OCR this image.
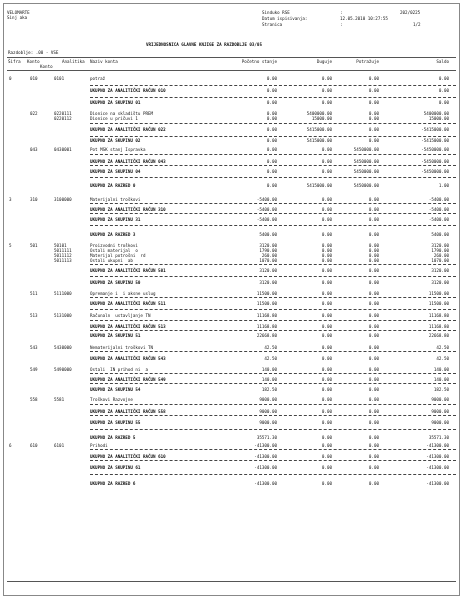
VELOMARTE
Sinj aka
Sinduko RSE	:	202/0225
Datum ispisivanja:	12.05.2010 10:27:55
Stranica	:	1/2
VRIJEDNOSNICA GLAVNE KNJIGE ZA RAZDOBLJE 03/05
Razdoblje: .00 - VSE
Šifra Konto
Konto
Analitika Naziv konta	Početno stanje	Duguje	Potražuje	Saldo
0	010	0101	potraž	0.00	0.00	0.00	0.00
UKUPNO ZA ANALITIČKI RAČUN 010	0.00	0.00	0.00	0.00
UKUPNO ZA SKUPINU 01	0.00	0.00	0.00	0.00
022	0220111	Dionice na skladištu PREM	0.00	5400000.00	0.00	5400000.00
0220112	Dionice u pričuvi 1	0.00	15000.00	0.00	15000.00
UKUPNO ZA ANALITIČKI RAČUN 022	0.00	5415000.00	0.00	-5415000.00
UKUPNO ZA SKUPINU 02	0.00	5415000.00	0.00	-5415000.00
043	0430001	Pot MSK stanj Ispravka	0.00	0.00	5450000.00	-5450000.00
UKUPNO ZA ANALITIČKI RAČUN 043	0.00	0.00	5450000.00	-5450000.00
UKUPNO ZA SKUPINU 04	0.00	0.00	5450000.00	-5450000.00
UKUPNO ZA RAZRED 0	0.00	5415000.00	5450000.00	1.00
3	310	3100000	Materijalni troškovi	-5400.00	0.00	0.00	-5400.00
UKUPNO ZA ANALITIČKI RAČUN 310	-5400.00	0.00	0.00	-5400.00
UKUPNO ZA SKUPINU 31	-5400.00	0.00	0.00	-5400.00
UKUPNO ZA RAZRED 3	5400.00	0.00	0.00	5400.00
5	501	50101	Proizvodni troškovi	3120.00	0.00	0.00	3120.00
5011111	Ostali materijal  o	1790.00	0.00	0.00	1790.00
5011112	Materijal potrošni  rd	260.00	0.00	0.00	260.00
5011113	Ostali ukupni  ab	1070.00	0.00	0.00	1070.00
UKUPNO ZA ANALITIČKI RAČUN 501	3120.00	0.00	0.00	3120.00
UKUPNO ZA SKUPINU 50	3120.00	0.00	0.00	3120.00
511	5111000	Opremanje i  i aksne uslug	11500.00	0.00	0.00	11500.00
UKUPNO ZA ANALITIČKI RAČUN 511	11500.00	0.00	0.00	11500.00
513	5131000	Računaln  ustavljanje TN	11168.80	0.00	0.00	11168.80
UKUPNO ZA ANALITIČKI RAČUN 513	11168.80	0.00	0.00	11168.80
UKUPNO ZA SKUPINU 51	22668.80	0.00	0.00	22668.80
543	5430000	Nematerijalni troškovi TN	42.50	0.00	0.00	42.50
UKUPNO ZA ANALITIČKI RAČUN 543	42.50	0.00	0.00	42.50
549	5490000	Ostali  IN prihod ni  a	140.00	0.00	0.00	140.00
UKUPNO ZA ANALITIČKI RAČUN 549	140.00	0.00	0.00	140.00
UKUPNO ZA SKUPINU 54	182.50	0.00	0.00	182.50
558	5581	Troškovi Razvojne	9000.00	0.00	0.00	9000.00
UKUPNO ZA ANALITIČKI RAČUN 558	9000.00	0.00	0.00	9000.00
UKUPNO ZA SKUPINU 55	9000.00	0.00	0.00	9000.00
UKUPNO ZA RAZRED 5	35571.30	0.00	0.00	35571.30
6	610	6101	Prihodi	-41300.00	0.00	0.00	-41300.00
UKUPNO ZA ANALITIČKI RAČUN 610	-41300.00	0.00	0.00	-41300.00
UKUPNO ZA SKUPINU 61	-41300.00	0.00	0.00	-41300.00
UKUPNO ZA RAZRED 6	-41300.00	0.00	0.00	-41300.00
